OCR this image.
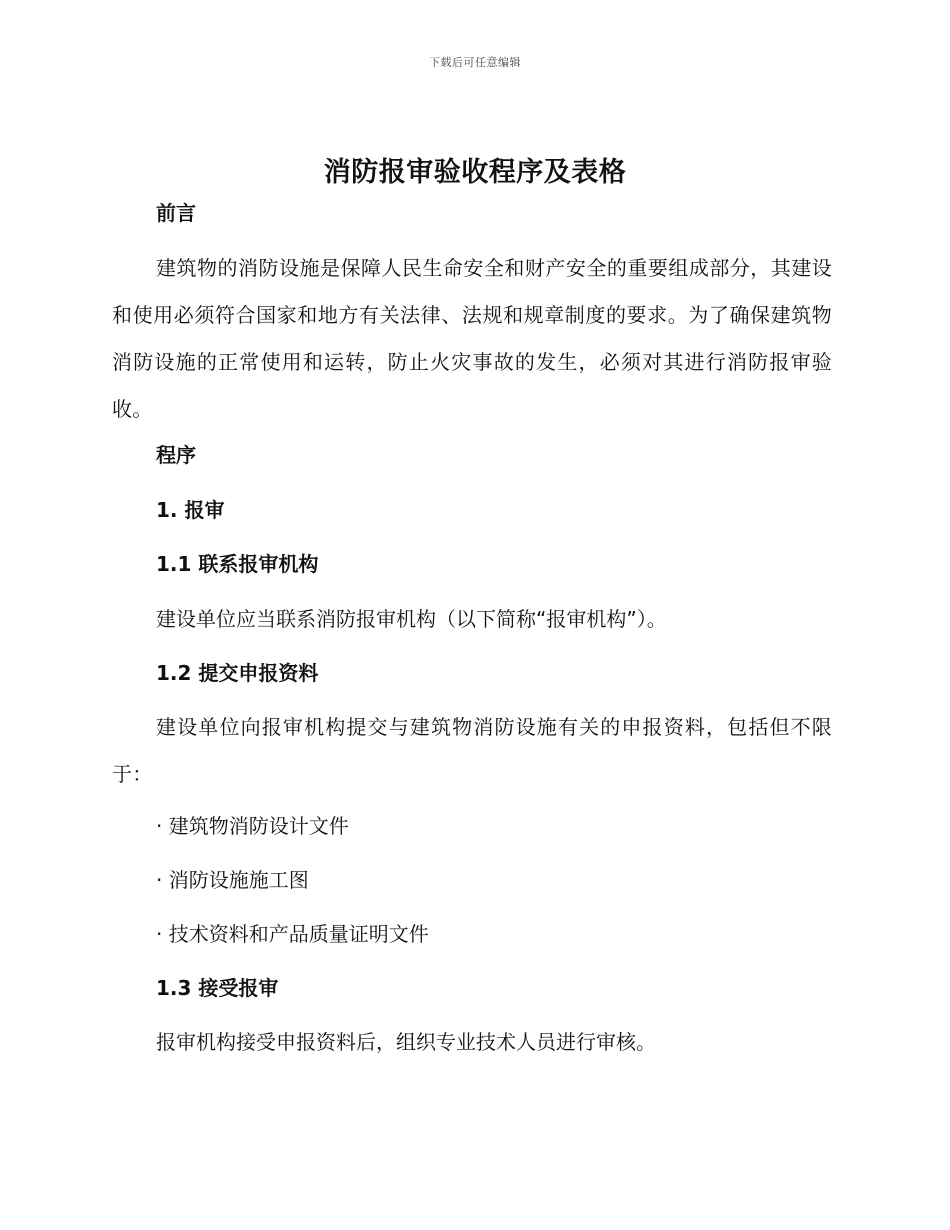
下载后可任意编辑
消防报审验收程序及表格
前言
建筑物的消防设施是保障人民生命安全和财产安全的重要组成部分，其建设和使用必须符合国家和地方有关法律、法规和规章制度的要求。为了确保建筑物消防设施的正常使用和运转，防止火灾事故的发生，必须对其进行消防报审验收。
程序
1. 报审
1.1 联系报审机构
建设单位应当联系消防报审机构（以下简称“报审机构”）。
1.2 提交申报资料
建设单位向报审机构提交与建筑物消防设施有关的申报资料，包括但不限于：
· 建筑物消防设计文件
· 消防设施施工图
· 技术资料和产品质量证明文件
1.3 接受报审
报审机构接受申报资料后，组织专业技术人员进行审核。
